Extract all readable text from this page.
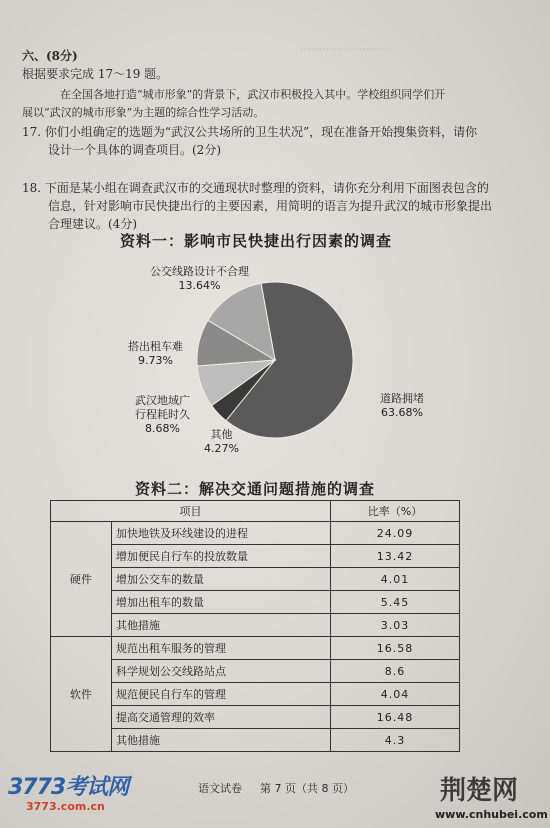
……………………
六、(8分)
根据要求完成 17～19 题。
在全国各地打造“城市形象”的背景下，武汉市积极投入其中。学校组织同学们开
展以“武汉的城市形象”为主题的综合性学习活动。
17. 你们小组确定的选题为“武汉公共场所的卫生状况”，现在准备开始搜集资料，请你
设计一个具体的调查项目。(2分)
18. 下面是某小组在调查武汉市的交通现状时整理的资料，请你充分利用下面图表包含的
信息，针对影响市民快捷出行的主要因素，用简明的语言为提升武汉的城市形象提出
合理建议。(4分)
资料一：影响市民快捷出行因素的调查
公交线路设计不合理
13.64%
搭出租车难
9.73%
武汉地域广
行程耗时久
8.68%	其他
4.27%
道路拥堵
63.68%
资料二：解决交通问题措施的调查
项目		比率（%）
硬件	加快地铁及环线建设的进程	24.09
	增加便民自行车的投放数量	13.42
	增加公交车的数量	4.01
	增加出租车的数量	5.45
	其他措施	3.03
软件	规范出租车服务的管理	16.58
	科学规划公交线路站点	8.6
	规范便民自行车的管理	4.04
	提高交通管理的效率	16.48
	其他措施	4.3
语文试卷 第 7 页（共 8 页）
3773考试网
3773.com.cn
荆楚网
www.cnhubei.com
